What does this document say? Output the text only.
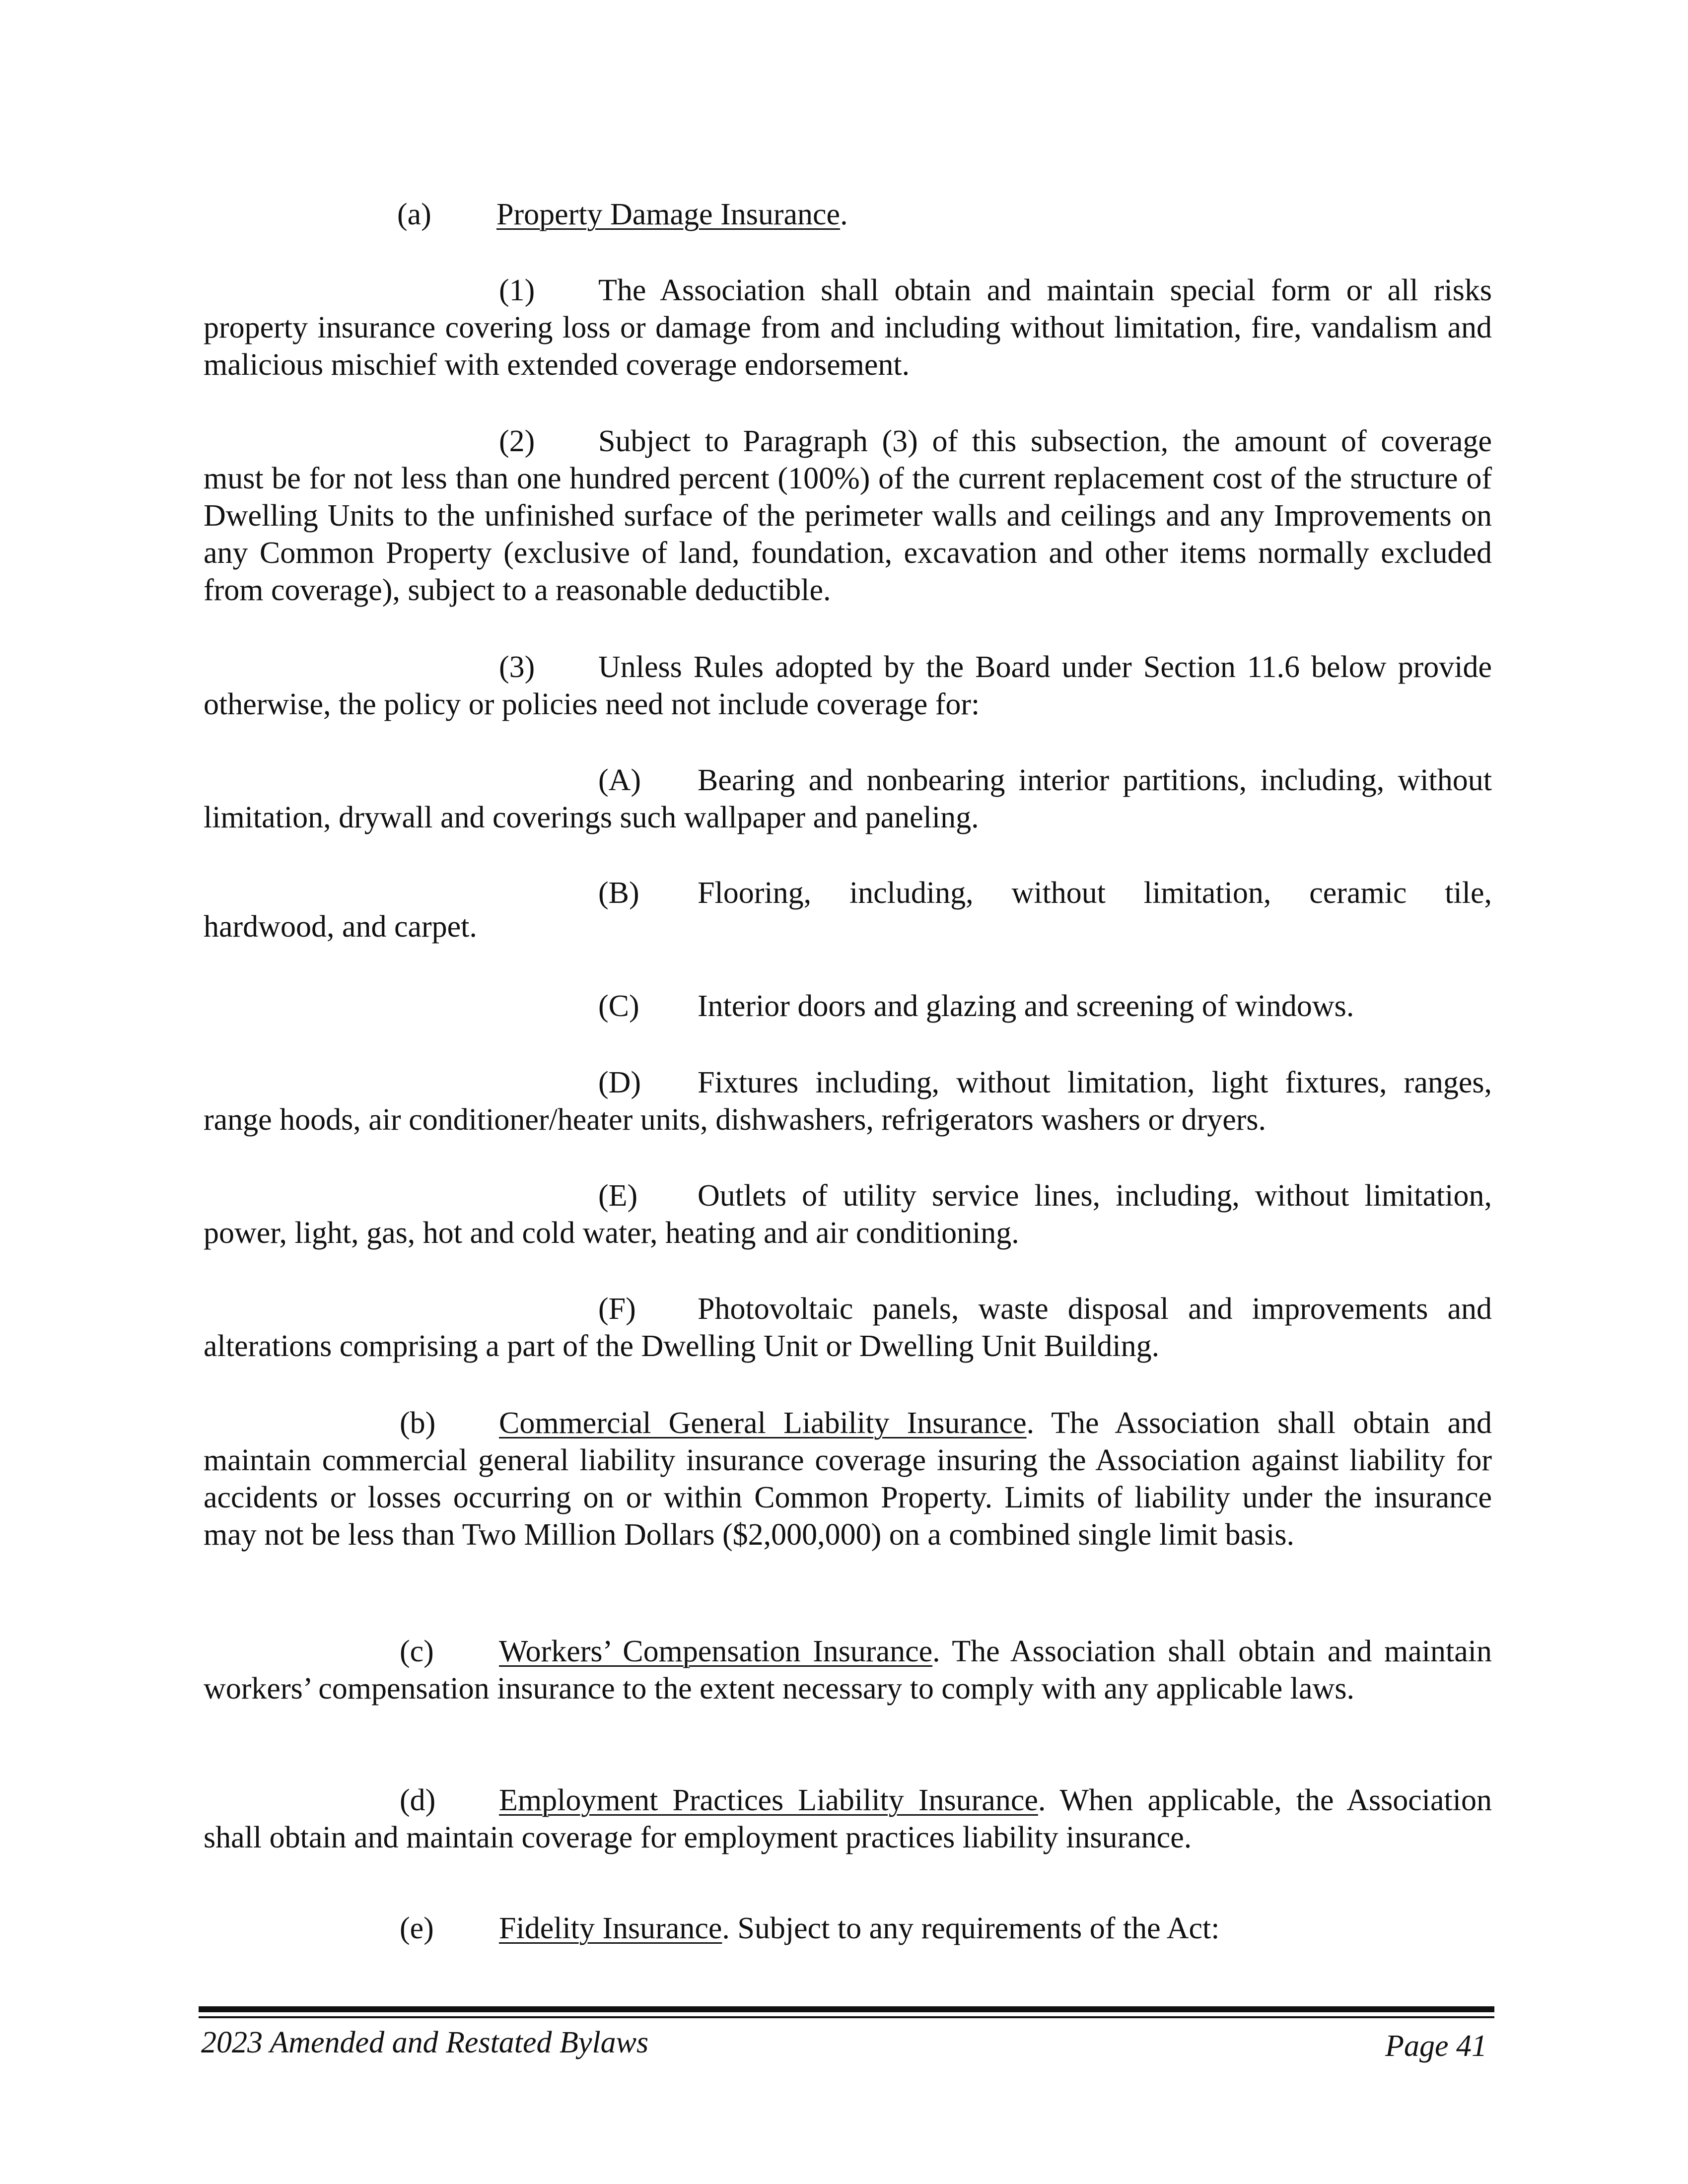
(a) Property Damage Insurance.

(1) The Association shall obtain and maintain special form or all risks property insurance covering loss or damage from and including without limitation, fire, vandalism and malicious mischief with extended coverage endorsement.

(2) Subject to Paragraph (3) of this subsection, the amount of coverage must be for not less than one hundred percent (100%) of the current replacement cost of the structure of Dwelling Units to the unfinished surface of the perimeter walls and ceilings and any Improvements on any Common Property (exclusive of land, foundation, excavation and other items normally excluded from coverage), subject to a reasonable deductible.

(3) Unless Rules adopted by the Board under Section 11.6 below provide otherwise, the policy or policies need not include coverage for:

(A) Bearing and nonbearing interior partitions, including, without limitation, drywall and coverings such wallpaper and paneling.

(B) Flooring, including, without limitation, ceramic tile,

hardwood, and carpet.
(C) Interior doors and glazing and screening of windows.

(D) Fixtures including, without limitation, light fixtures, ranges, range hoods, air conditioner/heater units, dishwashers, refrigerators washers or dryers.

(E) Outlets of utility service lines, including, without limitation, power, light, gas, hot and cold water, heating and air conditioning.

(F) Photovoltaic panels, waste disposal and improvements and alterations comprising a part of the Dwelling Unit or Dwelling Unit Building.

(b) Commercial General Liability Insurance. The Association shall obtain and maintain commercial general liability insurance coverage insuring the Association against liability for accidents or losses occurring on or within Common Property. Limits of liability under the insurance may not be less than Two Million Dollars ($2,000,000) on a combined single limit basis.

(c) Workers’ Compensation Insurance. The Association shall obtain and maintain workers’ compensation insurance to the extent necessary to comply with any applicable laws.

(d) Employment Practices Liability Insurance. When applicable, the Association shall obtain and maintain coverage for employment practices liability insurance.

(e) Fidelity Insurance. Subject to any requirements of the Act:
2023 Amended and Restated Bylaws	Page 41
